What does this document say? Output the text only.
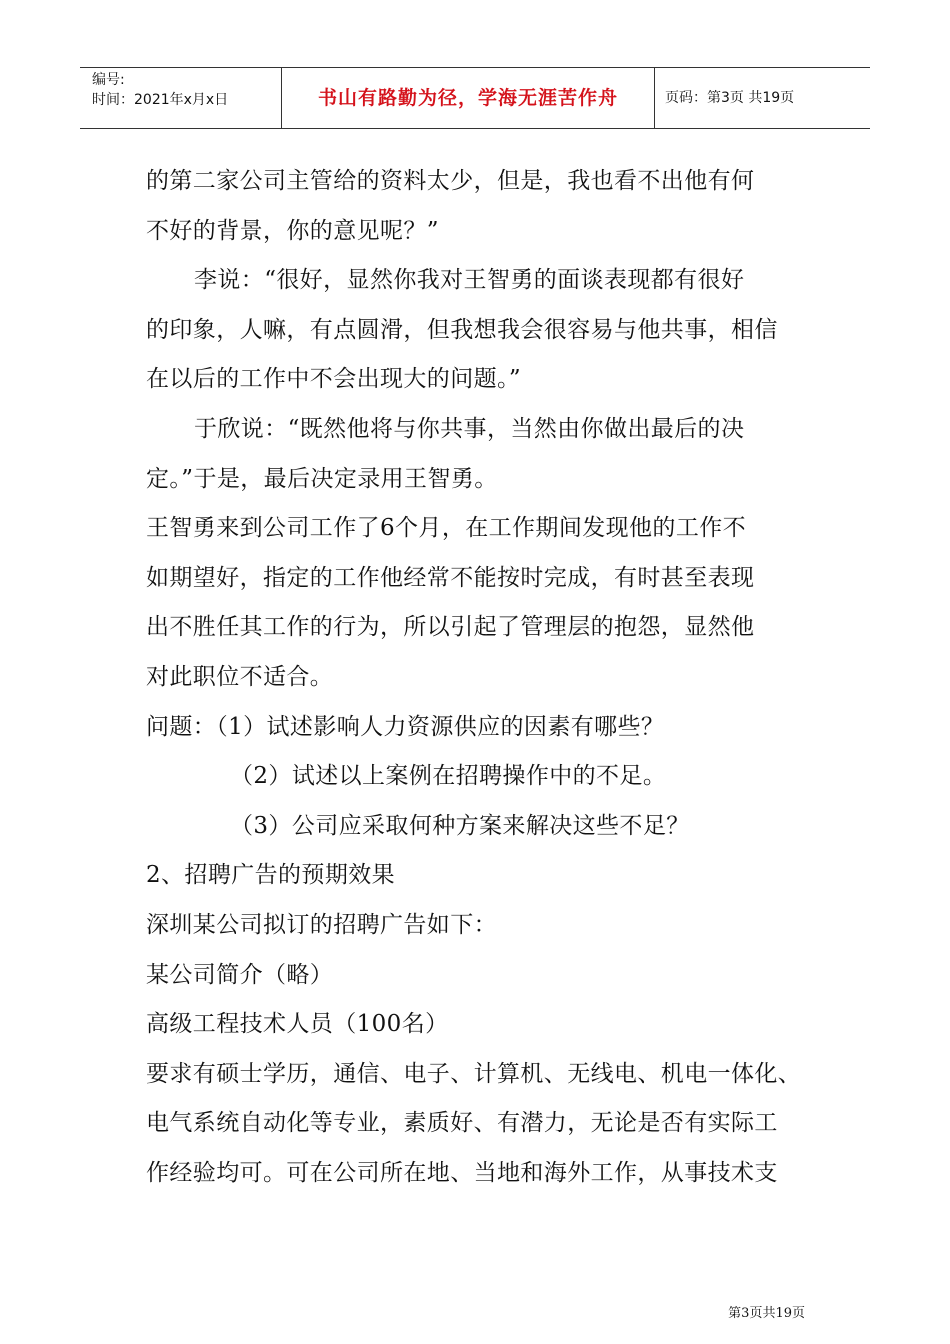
编号:
时间：2021年x月x日	书山有路勤为径，学海无涯苦作舟	页码：第3页 共19页

的第二家公司主管给的资料太少，但是，我也看不出他有何

不好的背景，你的意见呢？”

李说：“很好，显然你我对王智勇的面谈表现都有很好

的印象，人嘛，有点圆滑，但我想我会很容易与他共事，相信

在以后的工作中不会出现大的问题。”

于欣说：“既然他将与你共事，当然由你做出最后的决

定。”于是，最后决定录用王智勇。

王智勇来到公司工作了6个月，在工作期间发现他的工作不

如期望好，指定的工作他经常不能按时完成，有时甚至表现

出不胜任其工作的行为，所以引起了管理层的抱怨，显然他

对此职位不适合。

问题：（1）试述影响人力资源供应的因素有哪些？

（2）试述以上案例在招聘操作中的不足。

（3）公司应采取何种方案来解决这些不足？

2、招聘广告的预期效果

深圳某公司拟订的招聘广告如下：

某公司简介（略）

高级工程技术人员（100名）

要求有硕士学历，通信、电子、计算机、无线电、机电一体化、

电气系统自动化等专业，素质好、有潜力，无论是否有实际工

作经验均可。可在公司所在地、当地和海外工作，从事技术支

第3页共19页
